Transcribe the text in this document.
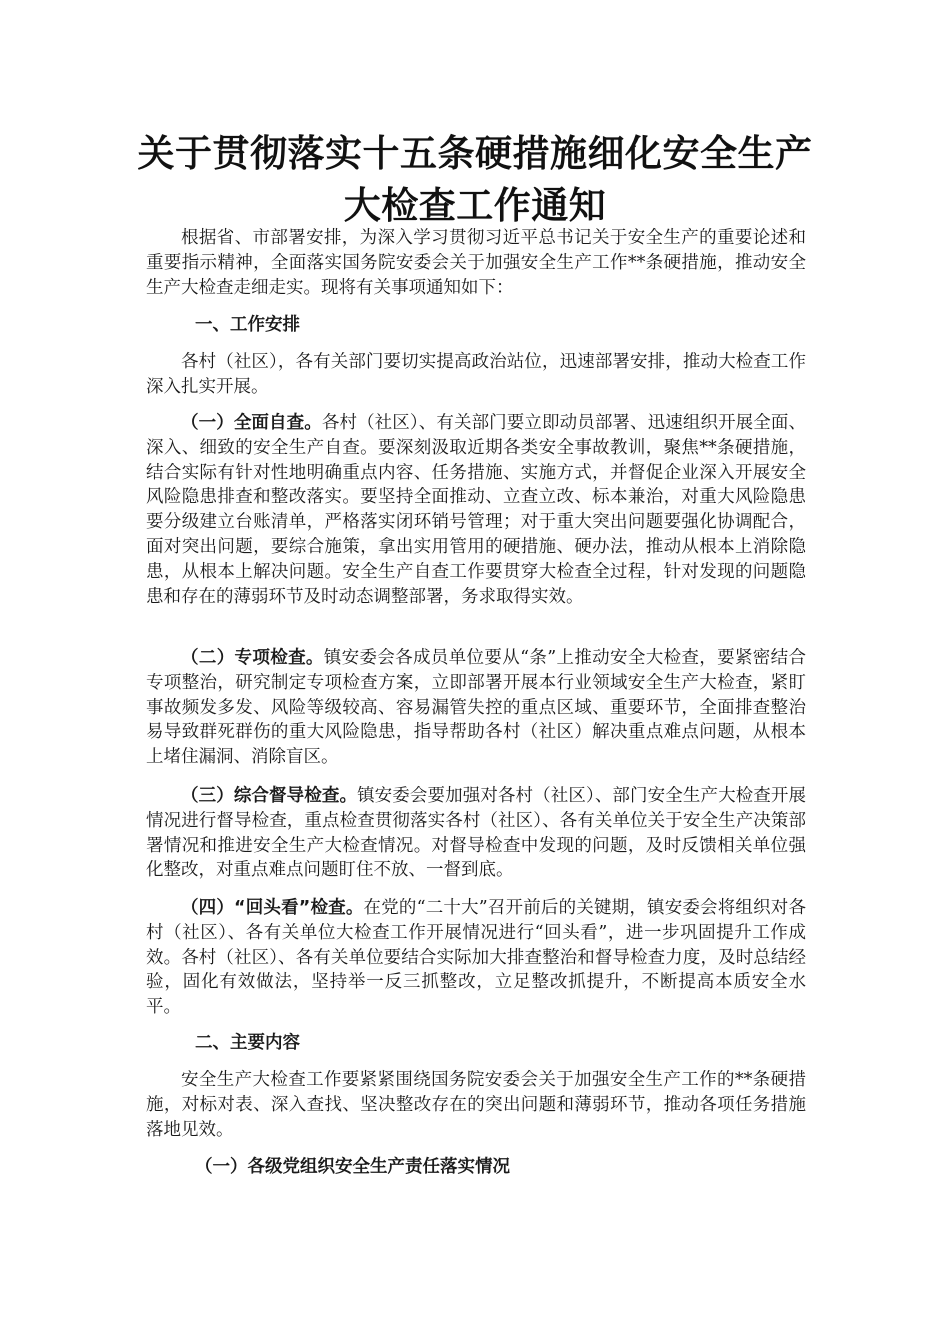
关于贯彻落实十五条硬措施细化安全生产
大检查工作通知

根据省、市部署安排，为深入学习贯彻习近平总书记关于安全生产的重要论述和重要指示精神，全面落实国务院安委会关于加强安全生产工作**条硬措施，推动安全生产大检查走细走实。现将有关事项通知如下：

一、工作安排

各村（社区），各有关部门要切实提高政治站位，迅速部署安排，推动大检查工作深入扎实开展。

（一）全面自查。各村（社区）、有关部门要立即动员部署、迅速组织开展全面、深入、细致的安全生产自查。要深刻汲取近期各类安全事故教训，聚焦**条硬措施，结合实际有针对性地明确重点内容、任务措施、实施方式，并督促企业深入开展安全风险隐患排查和整改落实。要坚持全面推动、立查立改、标本兼治，对重大风险隐患要分级建立台账清单，严格落实闭环销号管理；对于重大突出问题要强化协调配合，面对突出问题，要综合施策，拿出实用管用的硬措施、硬办法，推动从根本上消除隐患，从根本上解决问题。安全生产自查工作要贯穿大检查全过程，针对发现的问题隐患和存在的薄弱环节及时动态调整部署，务求取得实效。

（二）专项检查。镇安委会各成员单位要从“条”上推动安全大检查，要紧密结合专项整治，研究制定专项检查方案，立即部署开展本行业领域安全生产大检查，紧盯事故频发多发、风险等级较高、容易漏管失控的重点区域、重要环节，全面排查整治易导致群死群伤的重大风险隐患，指导帮助各村（社区）解决重点难点问题，从根本上堵住漏洞、消除盲区。

（三）综合督导检查。镇安委会要加强对各村（社区）、部门安全生产大检查开展情况进行督导检查，重点检查贯彻落实各村（社区）、各有关单位关于安全生产决策部署情况和推进安全生产大检查情况。对督导检查中发现的问题，及时反馈相关单位强化整改，对重点难点问题盯住不放、一督到底。

（四）“回头看”检查。在党的“二十大”召开前后的关键期，镇安委会将组织对各村（社区）、各有关单位大检查工作开展情况进行“回头看”，进一步巩固提升工作成效。各村（社区）、各有关单位要结合实际加大排查整治和督导检查力度，及时总结经验，固化有效做法，坚持举一反三抓整改，立足整改抓提升，不断提高本质安全水平。

二、主要内容

安全生产大检查工作要紧紧围绕国务院安委会关于加强安全生产工作的**条硬措施，对标对表、深入查找、坚决整改存在的突出问题和薄弱环节，推动各项任务措施落地见效。

（一）各级党组织安全生产责任落实情况
